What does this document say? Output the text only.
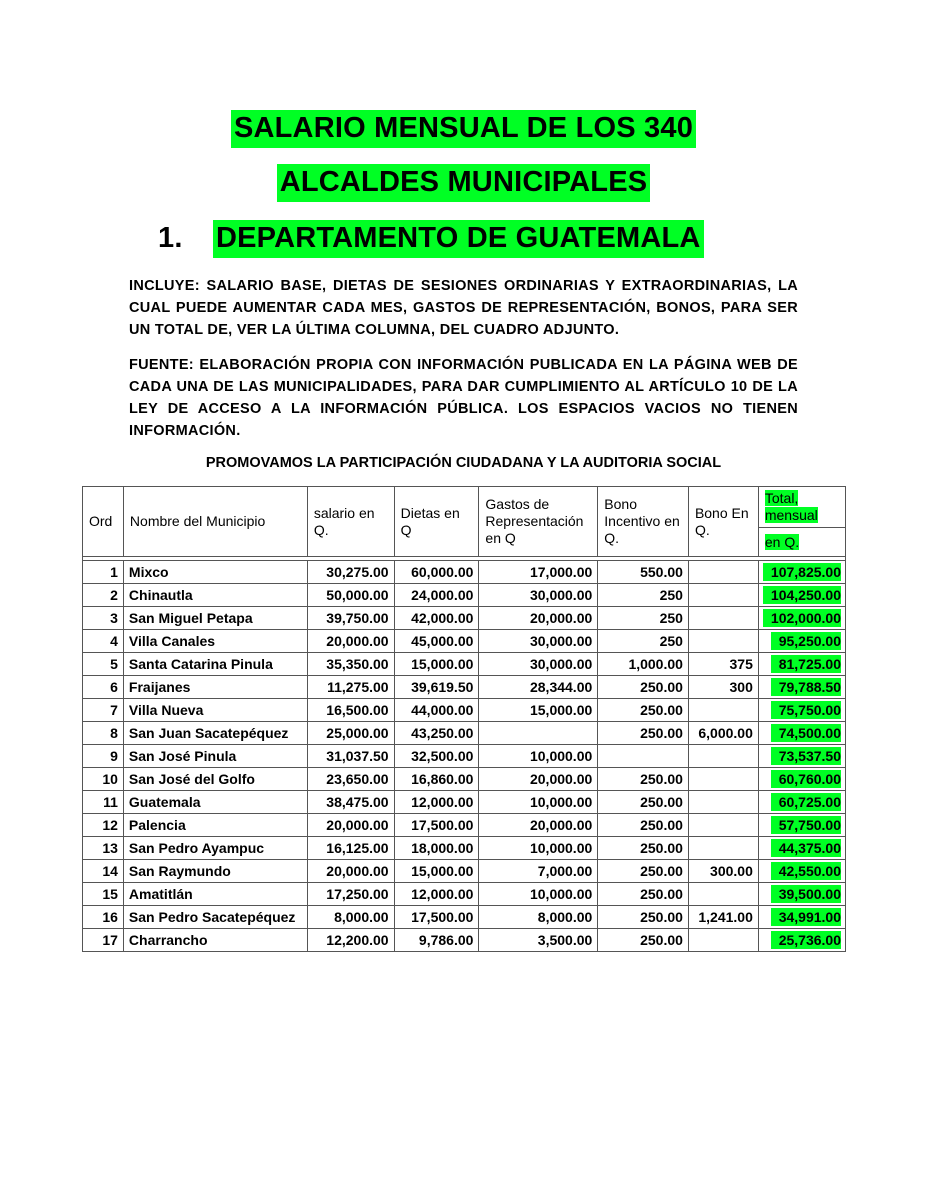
SALARIO MENSUAL DE LOS 340
ALCALDES MUNICIPALES
1. DEPARTAMENTO DE GUATEMALA
INCLUYE: SALARIO BASE, DIETAS DE SESIONES ORDINARIAS Y EXTRAORDINARIAS, LA CUAL PUEDE AUMENTAR CADA MES, GASTOS DE REPRESENTACIÓN, BONOS, PARA SER UN TOTAL DE, VER LA ÚLTIMA COLUMNA, DEL CUADRO ADJUNTO.
FUENTE: ELABORACIÓN PROPIA CON INFORMACIÓN PUBLICADA EN LA PÁGINA WEB DE CADA UNA DE LAS MUNICIPALIDADES, PARA DAR CUMPLIMIENTO AL ARTÍCULO 10 DE LA LEY DE ACCESO A LA INFORMACIÓN PÚBLICA. LOS ESPACIOS VACIOS NO TIENEN INFORMACIÓN.
PROMOVAMOS LA PARTICIPACIÓN CIUDADANA Y LA AUDITORIA SOCIAL
Ord	Nombre del Municipio	salario en Q.	Dietas en Q	Gastos de Representación en Q	Bono Incentivo en Q.	Bono En Q.	Total, mensual
							en Q.

1	Mixco	30,275.00	60,000.00	17,000.00	550.00		107,825.00
2	Chinautla	50,000.00	24,000.00	30,000.00	250		104,250.00
3	San Miguel Petapa	39,750.00	42,000.00	20,000.00	250		102,000.00
4	Villa Canales	20,000.00	45,000.00	30,000.00	250		95,250.00
5	Santa Catarina Pinula	35,350.00	15,000.00	30,000.00	1,000.00	375	81,725.00
6	Fraijanes	11,275.00	39,619.50	28,344.00	250.00	300	79,788.50
7	Villa Nueva	16,500.00	44,000.00	15,000.00	250.00		75,750.00
8	San Juan Sacatepéquez	25,000.00	43,250.00		250.00	6,000.00	74,500.00
9	San José Pinula	31,037.50	32,500.00	10,000.00			73,537.50
10	San José del Golfo	23,650.00	16,860.00	20,000.00	250.00		60,760.00
11	Guatemala	38,475.00	12,000.00	10,000.00	250.00		60,725.00
12	Palencia	20,000.00	17,500.00	20,000.00	250.00		57,750.00
13	San Pedro Ayampuc	16,125.00	18,000.00	10,000.00	250.00		44,375.00
14	San Raymundo	20,000.00	15,000.00	7,000.00	250.00	300.00	42,550.00
15	Amatitlán	17,250.00	12,000.00	10,000.00	250.00		39,500.00
16	San Pedro Sacatepéquez	8,000.00	17,500.00	8,000.00	250.00	1,241.00	34,991.00
17	Charrancho	12,200.00	9,786.00	3,500.00	250.00		25,736.00
